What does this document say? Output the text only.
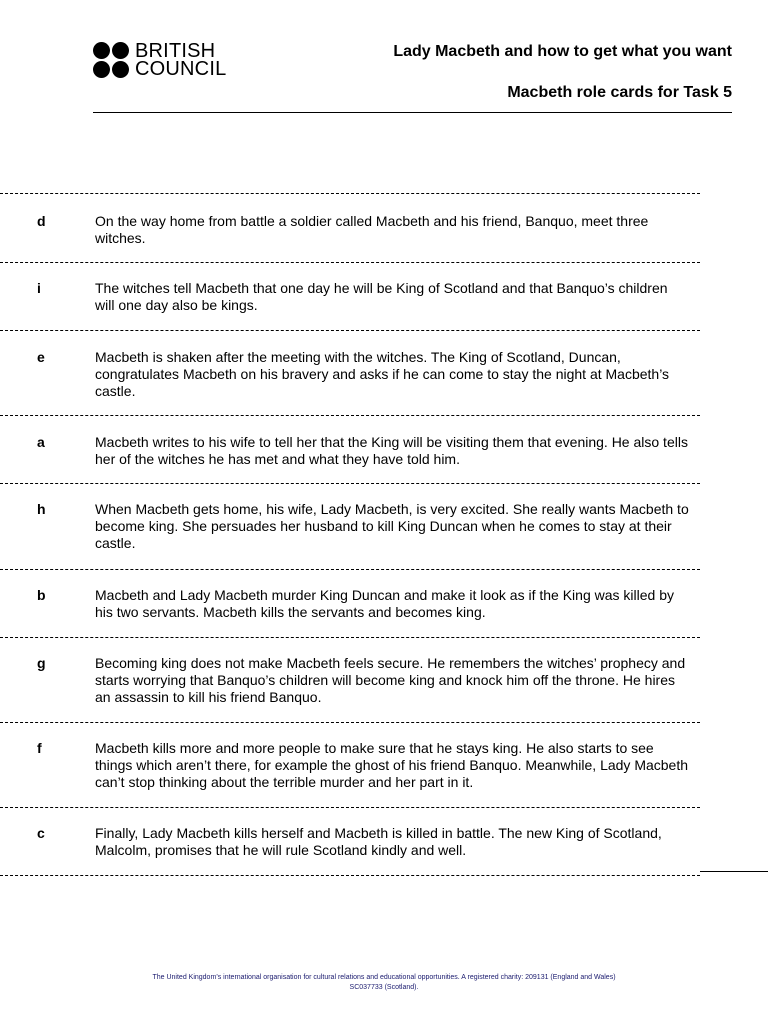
BRITISH
COUNCIL
Lady Macbeth and how to get what you want
Macbeth role cards for Task 5
d	On the way home from battle a soldier called Macbeth and his friend, Banquo, meet three witches.
i	The witches tell Macbeth that one day he will be King of Scotland and that Banquo’s children will one day also be kings.
e	Macbeth is shaken after the meeting with the witches. The King of Scotland, Duncan, congratulates Macbeth on his bravery and asks if he can come to stay the night at Macbeth’s castle.
a	Macbeth writes to his wife to tell her that the King will be visiting them that evening. He also tells her of the witches he has met and what they have told him.
h	When Macbeth gets home, his wife, Lady Macbeth, is very excited. She really wants Macbeth to become king. She persuades her husband to kill King Duncan when he comes to stay at their castle.
b	Macbeth and Lady Macbeth murder King Duncan and make it look as if the King was killed by his two servants. Macbeth kills the servants and becomes king.
g	Becoming king does not make Macbeth feels secure. He remembers the witches’ prophecy and starts worrying that Banquo’s children will become king and knock him off the throne. He hires an assassin to kill his friend Banquo.
f	Macbeth kills more and more people to make sure that he stays king. He also starts to see things which aren’t there, for example the ghost of his friend Banquo. Meanwhile, Lady Macbeth can’t stop thinking about the terrible murder and her part in it.
c	Finally, Lady Macbeth kills herself and Macbeth is killed in battle. The new King of Scotland, Malcolm, promises that he will rule Scotland kindly and well.
The United Kingdom’s international organisation for cultural relations and educational opportunities. A registered charity: 209131 (England and Wales)
SC037733 (Scotland).
